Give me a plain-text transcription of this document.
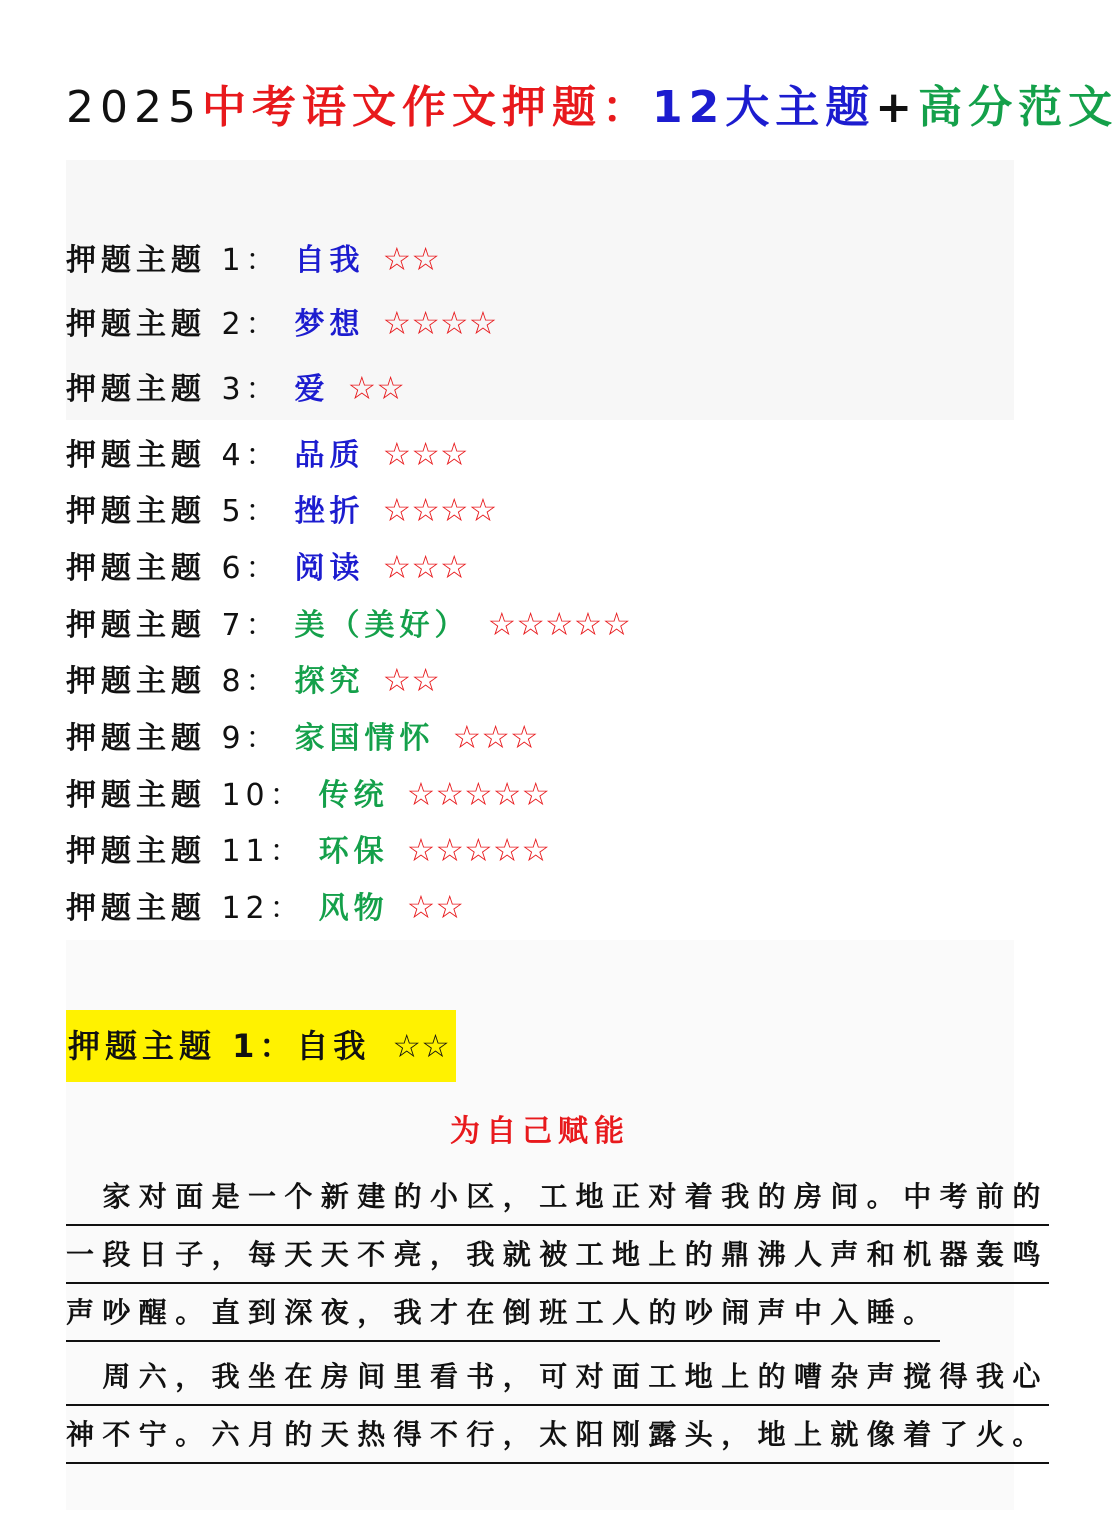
2025中考语文作文押题：12大主题+高分范文
押题主题 1： 自我 ☆☆
押题主题 2： 梦想 ☆☆☆☆
押题主题 3： 爱 ☆☆
押题主题 4： 品质 ☆☆☆
押题主题 5： 挫折 ☆☆☆☆
押题主题 6： 阅读 ☆☆☆
押题主题 7： 美（美好） ☆☆☆☆☆
押题主题 8： 探究 ☆☆
押题主题 9： 家国情怀 ☆☆☆
押题主题 10： 传统 ☆☆☆☆☆
押题主题 11： 环保 ☆☆☆☆☆
押题主题 12： 风物 ☆☆
押题主题 1：自我 ☆☆
为自己赋能
　家对面是一个新建的小区，工地正对着我的房间。中考前的
一段日子，每天天不亮，我就被工地上的鼎沸人声和机器轰鸣
声吵醒。直到深夜，我才在倒班工人的吵闹声中入睡。
　周六，我坐在房间里看书，可对面工地上的嘈杂声搅得我心
神不宁。六月的天热得不行，太阳刚露头，地上就像着了火。
